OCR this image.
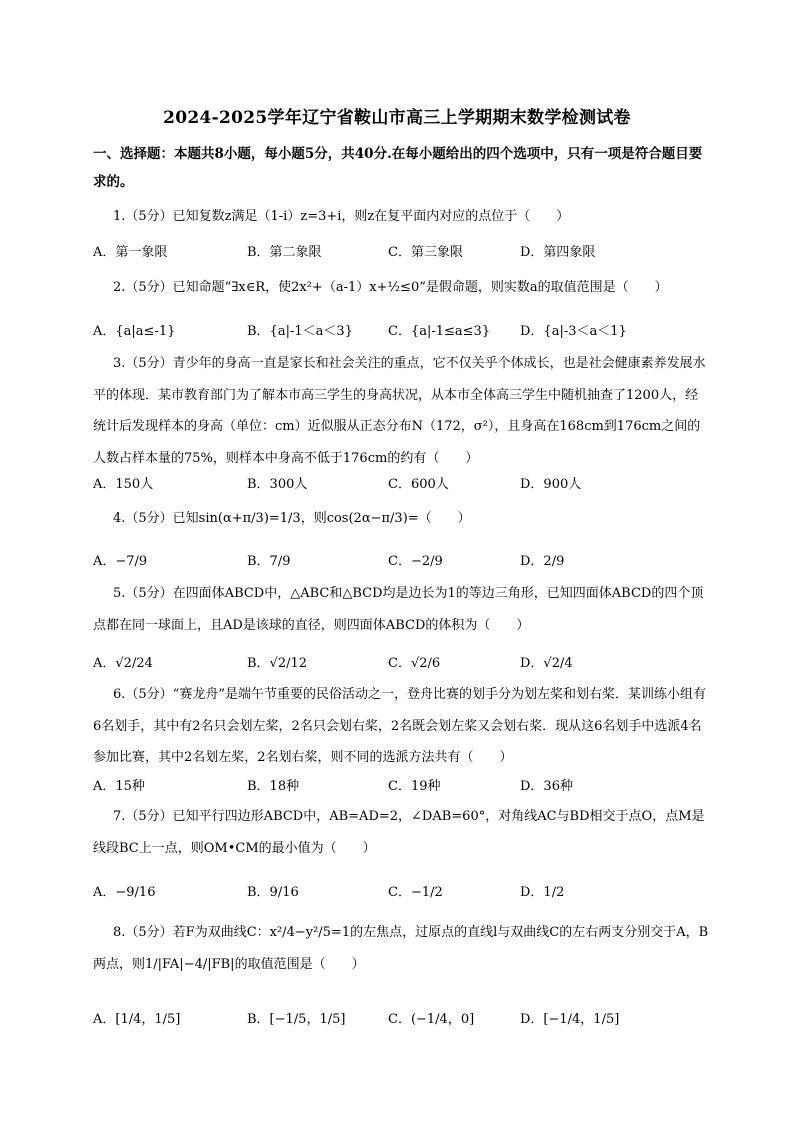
2024-2025学年辽宁省鞍山市高三上学期期末数学检测试卷
一、选择题：本题共8小题，每小题5分，共40分.在每小题给出的四个选项中，只有一项是符合题目要求的。
1.（5分）已知复数z满足（1-i）z=3+i，则z在复平面内对应的点位于（　　）
A．第一象限	B．第二象限	C．第三象限	D．第四象限
2.（5分）已知命题“∃x∈R，使2x²+（a-1）x+½≤0”是假命题，则实数a的取值范围是（　　）
A．{a|a≤-1}	B．{a|-1＜a＜3}	C．{a|-1≤a≤3} D．{a|-3＜a＜1}
3.（5分）青少年的身高一直是家长和社会关注的重点，它不仅关乎个体成长，也是社会健康素养发展水平的体现．某市教育部门为了解本市高三学生的身高状况，从本市全体高三学生中随机抽查了1200人，经统计后发现样本的身高（单位：cm）近似服从正态分布N（172，σ²），且身高在168cm到176cm之间的人数占样本量的75%，则样本中身高不低于176cm的约有（　　）
A．150人	B．300人	C．600人	D．900人
4.（5分）已知sin(α+π/3)=1/3，则cos(2α−π/3)=（　　）
A．−7/9	B．7/9	C．−2/9	D．2/9
5.（5分）在四面体ABCD中，△ABC和△BCD均是边长为1的等边三角形，已知四面体ABCD的四个顶点都在同一球面上，且AD是该球的直径，则四面体ABCD的体积为（　　）
A．√2/24	B．√2/12	C．√2/6	D．√2/4
6.（5分）“赛龙舟”是端午节重要的民俗活动之一，登舟比赛的划手分为划左桨和划右桨．某训练小组有6名划手，其中有2名只会划左桨，2名只会划右桨，2名既会划左桨又会划右桨．现从这6名划手中选派4名参加比赛，其中2名划左桨，2名划右桨，则不同的选派方法共有（　　）
A．15种	B．18种	C．19种	D．36种
7.（5分）已知平行四边形ABCD中，AB=AD=2，∠DAB=60°，对角线AC与BD相交于点O，点M是线段BC上一点，则OM•CM的最小值为（　　）
A．−9/16	B．9/16	C．−1/2	D．1/2
8.（5分）若F为双曲线C：x²/4−y²/5=1的左焦点，过原点的直线l与双曲线C的左右两支分别交于A，B两点，则1/|FA|−4/|FB|的取值范围是（　　）
A．[1/4，1/5]	B．[−1/5，1/5]	C．(−1/4，0]	D．[−1/4，1/5]
